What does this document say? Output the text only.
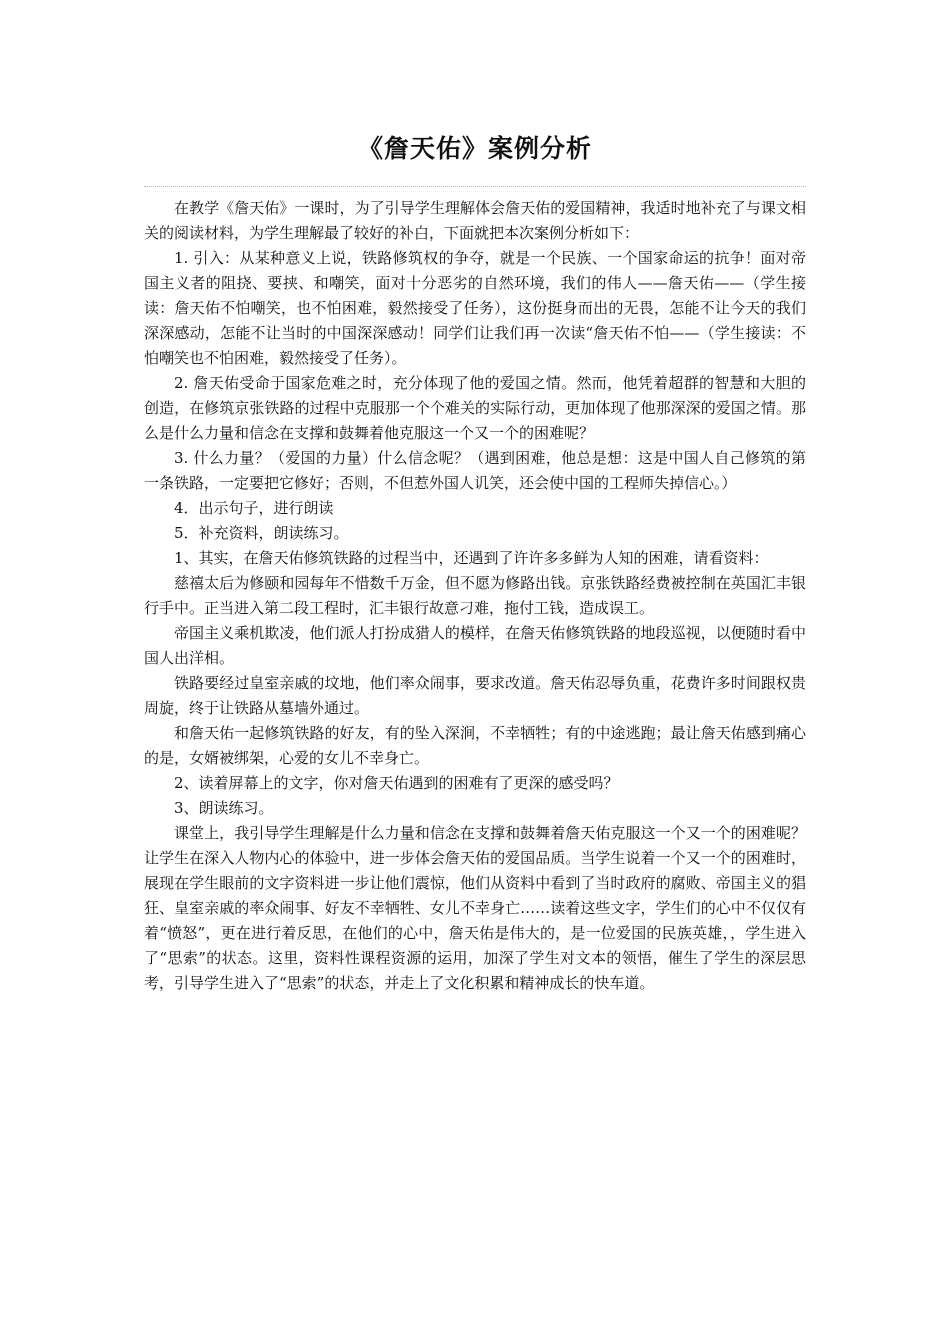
《詹天佑》案例分析

在教学《詹天佑》一课时，为了引导学生理解体会詹天佑的爱国精神，我适时地补充了与课文相关的阅读材料，为学生理解最了较好的补白，下面就把本次案例分析如下：

1. 引入：从某种意义上说，铁路修筑权的争夺，就是一个民族、一个国家命运的抗争！面对帝国主义者的阻挠、要挟、和嘲笑，面对十分恶劣的自然环境，我们的伟人——詹天佑——（学生接读：詹天佑不怕嘲笑，也不怕困难，毅然接受了任务），这份挺身而出的无畏，怎能不让今天的我们深深感动，怎能不让当时的中国深深感动！同学们让我们再一次读“詹天佑不怕——（学生接读：不怕嘲笑也不怕困难，毅然接受了任务）。

2. 詹天佑受命于国家危难之时，充分体现了他的爱国之情。然而，他凭着超群的智慧和大胆的创造，在修筑京张铁路的过程中克服那一个个难关的实际行动，更加体现了他那深深的爱国之情。那么是什么力量和信念在支撑和鼓舞着他克服这一个又一个的困难呢？

3. 什么力量？（爱国的力量）什么信念呢？（遇到困难，他总是想：这是中国人自己修筑的第一条铁路，一定要把它修好；否则，不但惹外国人讥笑，还会使中国的工程师失掉信心。）

4．出示句子，进行朗读

5．补充资料，朗读练习。

1、其实，在詹天佑修筑铁路的过程当中，还遇到了许许多多鲜为人知的困难，请看资料：

慈禧太后为修颐和园每年不惜数千万金，但不愿为修路出钱。京张铁路经费被控制在英国汇丰银行手中。正当进入第二段工程时，汇丰银行故意刁难，拖付工钱，造成误工。

帝国主义乘机欺凌，他们派人打扮成猎人的模样，在詹天佑修筑铁路的地段巡视，以便随时看中国人出洋相。

铁路要经过皇室亲戚的坟地，他们率众闹事，要求改道。詹天佑忍辱负重，花费许多时间跟权贵周旋，终于让铁路从墓墙外通过。

和詹天佑一起修筑铁路的好友，有的坠入深涧，不幸牺牲；有的中途逃跑；最让詹天佑感到痛心的是，女婿被绑架，心爱的女儿不幸身亡。

2、读着屏幕上的文字，你对詹天佑遇到的困难有了更深的感受吗？

3、朗读练习。

课堂上，我引导学生理解是什么力量和信念在支撑和鼓舞着詹天佑克服这一个又一个的困难呢？让学生在深入人物内心的体验中，进一步体会詹天佑的爱国品质。当学生说着一个又一个的困难时，展现在学生眼前的文字资料进一步让他们震惊，他们从资料中看到了当时政府的腐败、帝国主义的猖狂、皇室亲戚的率众闹事、好友不幸牺牲、女儿不幸身亡……读着这些文字，学生们的心中不仅仅有着“愤怒”，更在进行着反思，在他们的心中，詹天佑是伟大的，是一位爱国的民族英雄，，学生进入了“思索”的状态。这里，资料性课程资源的运用，加深了学生对文本的领悟，催生了学生的深层思考，引导学生进入了“思索”的状态，并走上了文化积累和精神成长的快车道。
